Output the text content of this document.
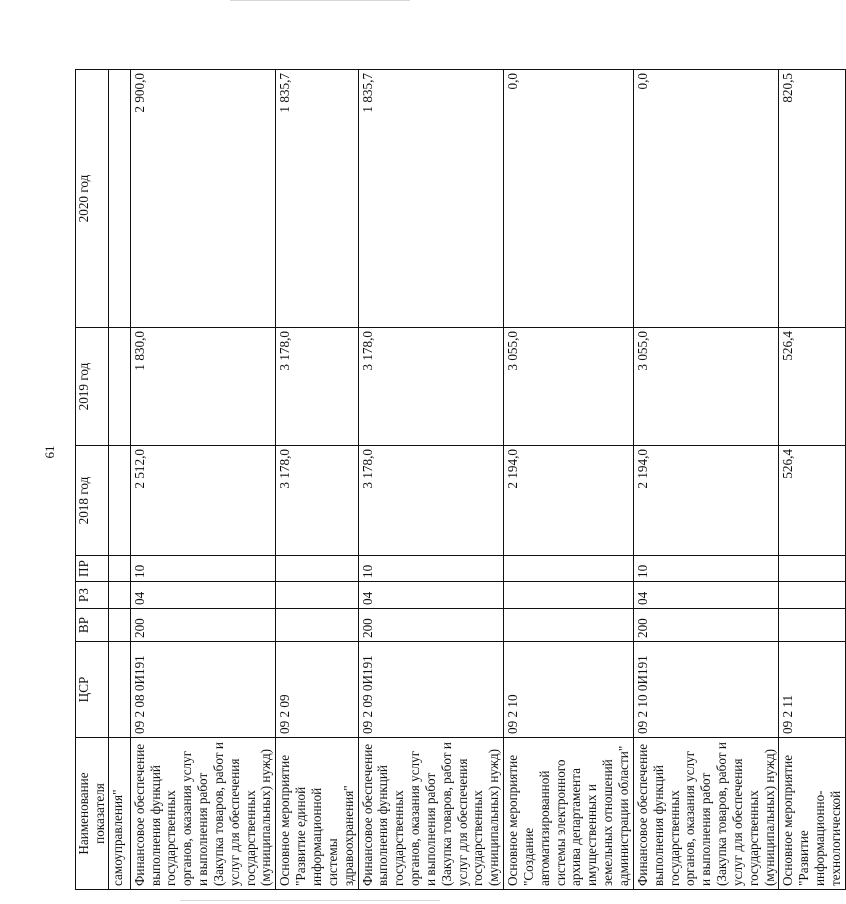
61
Наименование показателя	ЦСР	ВР	РЗ	ПР	2018 год	2019 год	2020 год
самоуправления"							
Финансовое обеспечение выполнения функций государственных органов, оказания услуг и выполнения работ (Закупка товаров, работ и услуг для обеспечения государственных (муниципальных) нужд)	09 2 08 0И191	200	04	10	2 512,0	1 830,0	2 900,0
Основное мероприятие "Развитие единой информационной системы здравоохранения"	09 2 09				3 178,0	3 178,0	1 835,7
Финансовое обеспечение выполнения функций государственных органов, оказания услуг и выполнения работ (Закупка товаров, работ и услуг для обеспечения государственных (муниципальных) нужд)	09 2 09 0И191	200	04	10	3 178,0	3 178,0	1 835,7
Основное мероприятие "Создание автоматизированной системы электронного архива департамента имущественных и земельных отношений администрации области"	09 2 10				2 194,0	3 055,0	0,0
Финансовое обеспечение выполнения функций государственных органов, оказания услуг и выполнения работ (Закупка товаров, работ и услуг для обеспечения государственных (муниципальных) нужд)	09 2 10 0И191	200	04	10	2 194,0	3 055,0	0,0
Основное мероприятие "Развитие информационно-технологической	09 2 11				526,4	526,4	820,5
